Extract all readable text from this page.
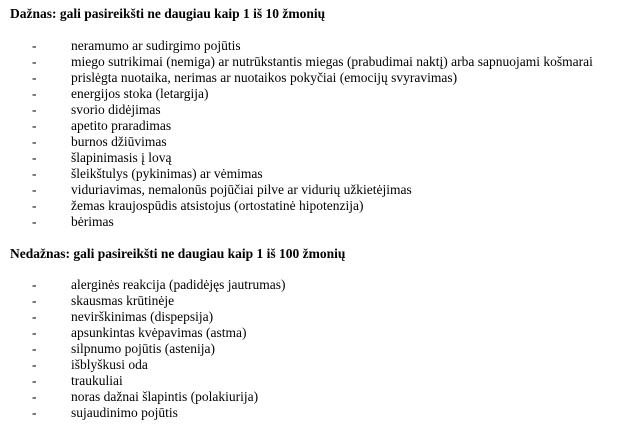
Dažnas: gali pasireikšti ne daugiau kaip 1 iš 10 žmonių
-	neramumo ar sudirgimo pojūtis
-	miego sutrikimai (nemiga) ar nutrūkstantis miegas (prabudimai naktį) arba sapnuojami košmarai
-	prislėgta nuotaika, nerimas ar nuotaikos pokyčiai (emocijų svyravimas)
-	energijos stoka (letargija)
-	svorio didėjimas
-	apetito praradimas
-	burnos džiūvimas
-	šlapinimasis į lovą
-	šleikštulys (pykinimas) ar vėmimas
-	viduriavimas, nemalonūs pojūčiai pilve ar vidurių užkietėjimas
-	žemas kraujospūdis atsistojus (ortostatinė hipotenzija)
-	bėrimas
Nedažnas: gali pasireikšti ne daugiau kaip 1 iš 100 žmonių
-	alerginės reakcija (padidėjęs jautrumas)
-	skausmas krūtinėje
-	nevirškinimas (dispepsija)
-	apsunkintas kvėpavimas (astma)
-	silpnumo pojūtis (astenija)
-	išblyškusi oda
-	traukuliai
-	noras dažnai šlapintis (polakiurija)
-	sujaudinimo pojūtis
